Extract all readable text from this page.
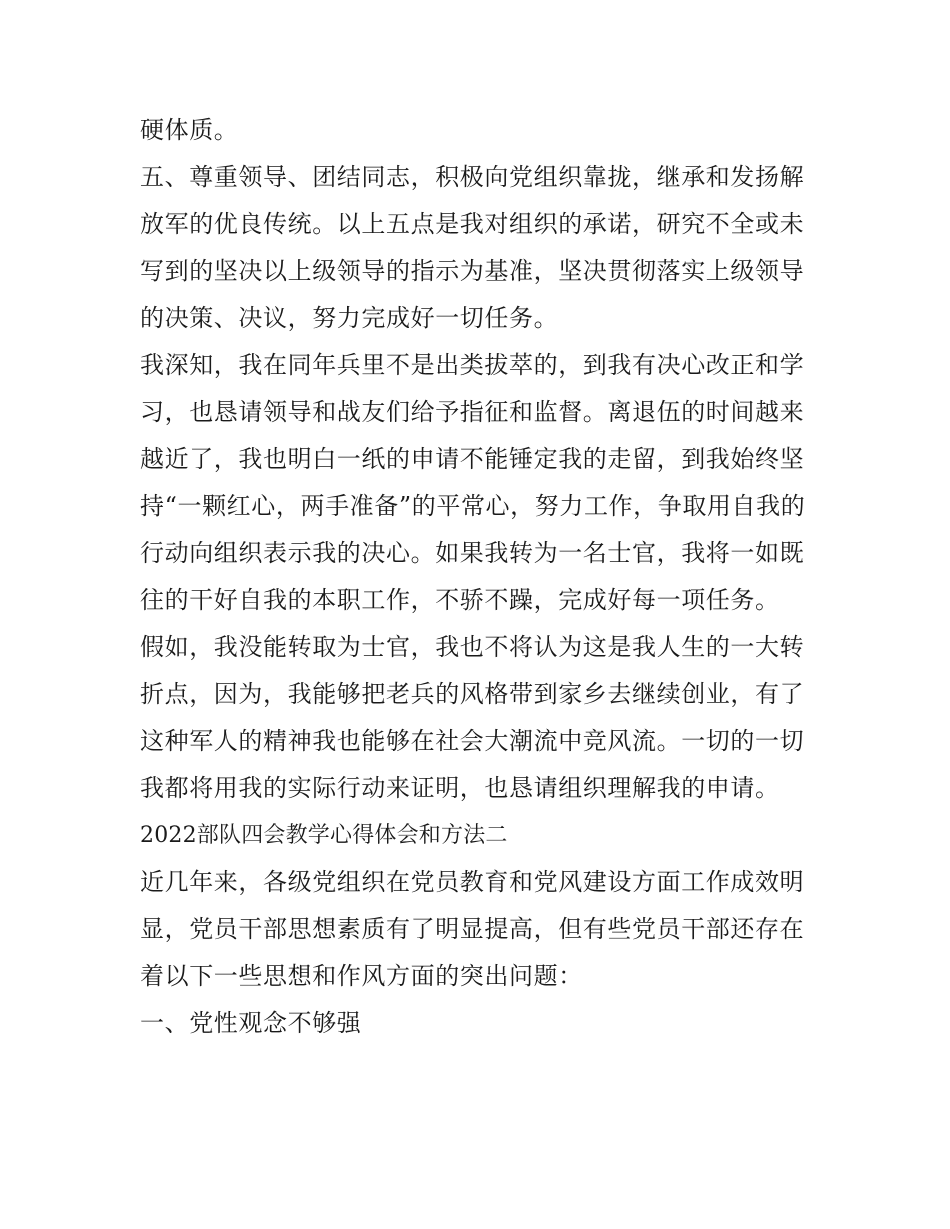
硬体质。
五、尊重领导、团结同志，积极向党组织靠拢，继承和发扬解
放军的优良传统。以上五点是我对组织的承诺，研究不全或未
写到的坚决以上级领导的指示为基准，坚决贯彻落实上级领导
的决策、决议，努力完成好一切任务。
我深知，我在同年兵里不是出类拔萃的，到我有决心改正和学
习，也恳请领导和战友们给予指征和监督。离退伍的时间越来
越近了，我也明白一纸的申请不能锤定我的走留，到我始终坚
持“一颗红心，两手准备”的平常心，努力工作，争取用自我的
行动向组织表示我的决心。如果我转为一名士官，我将一如既
往的干好自我的本职工作，不骄不躁，完成好每一项任务。
假如，我没能转取为士官，我也不将认为这是我人生的一大转
折点，因为，我能够把老兵的风格带到家乡去继续创业，有了
这种军人的精神我也能够在社会大潮流中竞风流。一切的一切
我都将用我的实际行动来证明，也恳请组织理解我的申请。
2022部队四会教学心得体会和方法二
近几年来，各级党组织在党员教育和党风建设方面工作成效明
显，党员干部思想素质有了明显提高，但有些党员干部还存在
着以下一些思想和作风方面的突出问题：
一、党性观念不够强
